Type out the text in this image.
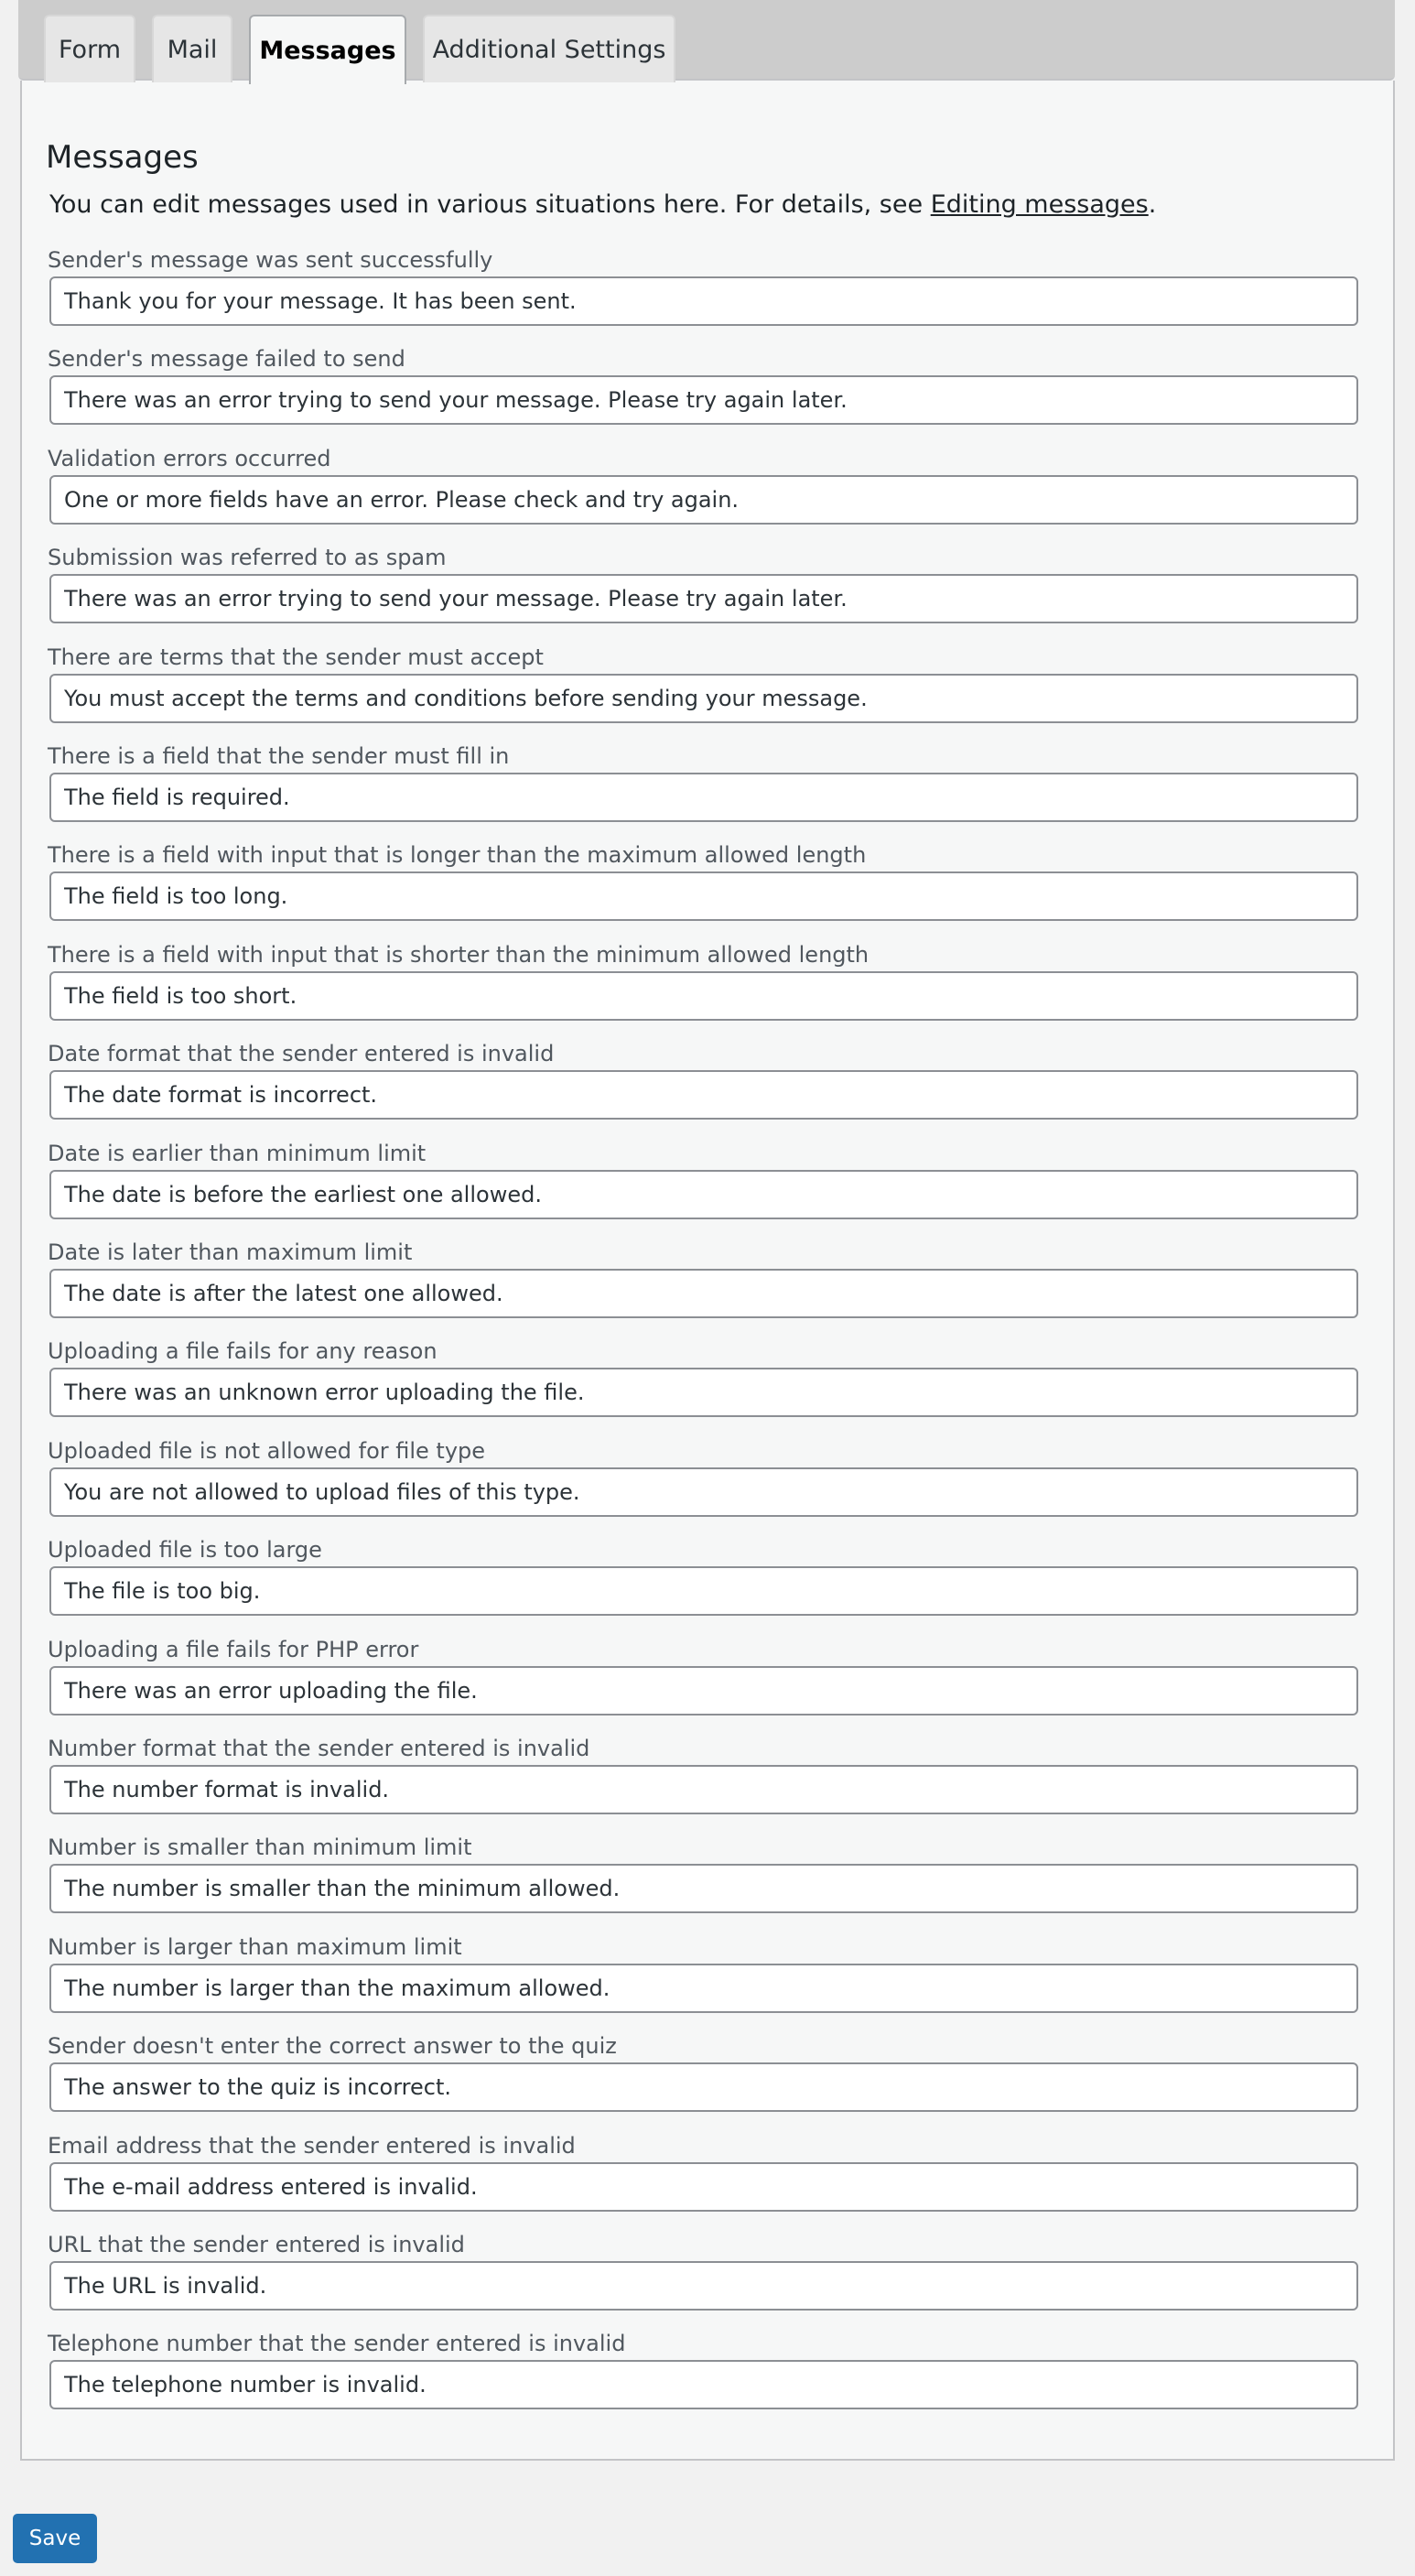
Form Mail Messages Additional Settings
Messages
You can edit messages used in various situations here. For details, see Editing messages.
Sender's message was sent successfully
Thank you for your message. It has been sent.
Sender's message failed to send
There was an error trying to send your message. Please try again later.
Validation errors occurred
One or more fields have an error. Please check and try again.
Submission was referred to as spam
There was an error trying to send your message. Please try again later.
There are terms that the sender must accept
You must accept the terms and conditions before sending your message.
There is a field that the sender must fill in
The field is required.
There is a field with input that is longer than the maximum allowed length
The field is too long.
There is a field with input that is shorter than the minimum allowed length
The field is too short.
Date format that the sender entered is invalid
The date format is incorrect.
Date is earlier than minimum limit
The date is before the earliest one allowed.
Date is later than maximum limit
The date is after the latest one allowed.
Uploading a file fails for any reason
There was an unknown error uploading the file.
Uploaded file is not allowed for file type
You are not allowed to upload files of this type.
Uploaded file is too large
The file is too big.
Uploading a file fails for PHP error
There was an error uploading the file.
Number format that the sender entered is invalid
The number format is invalid.
Number is smaller than minimum limit
The number is smaller than the minimum allowed.
Number is larger than maximum limit
The number is larger than the maximum allowed.
Sender doesn't enter the correct answer to the quiz
The answer to the quiz is incorrect.
Email address that the sender entered is invalid
The e-mail address entered is invalid.
URL that the sender entered is invalid
The URL is invalid.
Telephone number that the sender entered is invalid
The telephone number is invalid.
Save
